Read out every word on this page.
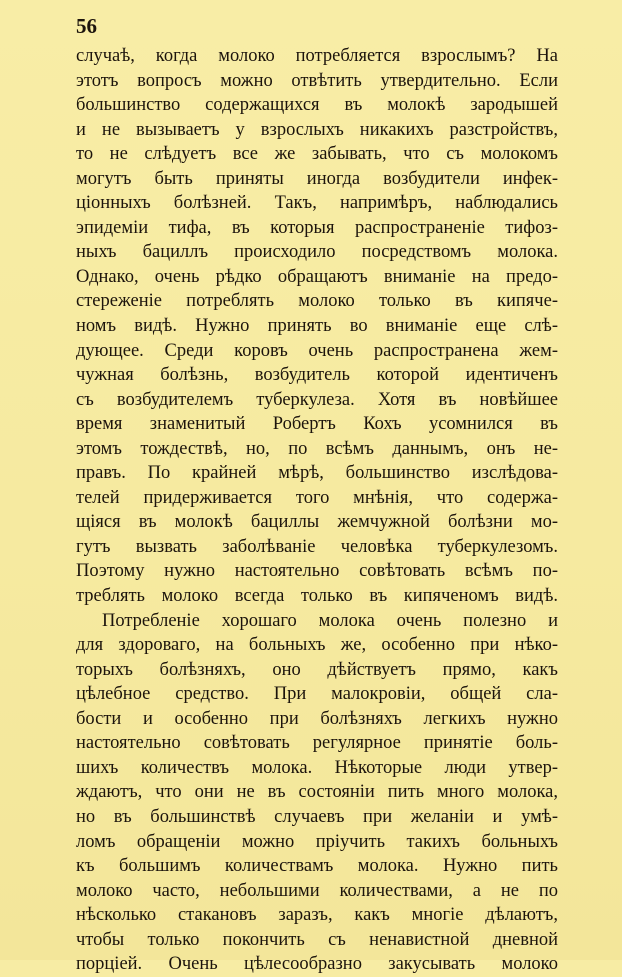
56
случаѣ, когда молоко потребляется взрослымъ? На
этотъ вопросъ можно отвѣтить утвердительно. Если
большинство содержащихся въ молокѣ зародышей
и не вызываетъ у взрослыхъ никакихъ разстройствъ,
то не слѣдуетъ все же забывать, что съ молокомъ
могутъ быть приняты иногда возбудители инфек-
ціонныхъ болѣзней. Такъ, напримѣръ, наблюдались
эпидеміи тифа, въ которыя распространеніе тифоз-
ныхъ бациллъ происходило посредствомъ молока.
Однако, очень рѣдко обращаютъ вниманіе на предо-
стереженіе потреблять молоко только въ кипяче-
номъ видѣ. Нужно принять во вниманіе еще слѣ-
дующее. Среди коровъ очень распространена жем-
чужная болѣзнь, возбудитель которой идентиченъ
съ возбудителемъ туберкулеза. Хотя въ новѣйшее
время знаменитый Робертъ Кохъ усомнился въ
этомъ тождествѣ, но, по всѣмъ даннымъ, онъ не-
правъ. По крайней мѣрѣ, большинство изслѣдова-
телей придерживается того мнѣнія, что содержа-
щіяся въ молокѣ бациллы жемчужной болѣзни мо-
гутъ вызвать заболѣваніе человѣка туберкулезомъ.
Поэтому нужно настоятельно совѣтовать всѣмъ по-
треблять молоко всегда только въ кипяченомъ видѣ.
Потребленіе хорошаго молока очень полезно и
для здороваго, на больныхъ же, особенно при нѣко-
торыхъ болѣзняхъ, оно дѣйствуетъ прямо, какъ
цѣлебное средство. При малокровіи, общей сла-
бости и особенно при болѣзняхъ легкихъ нужно
настоятельно совѣтовать регулярное принятіе боль-
шихъ количествъ молока. Нѣкоторые люди утвер-
ждаютъ, что они не въ состояніи пить много молока,
но въ большинствѣ случаевъ при желаніи и умѣ-
ломъ обращеніи можно пріучить такихъ больныхъ
къ большимъ количествамъ молока. Нужно пить
молоко часто, небольшими количествами, а не по
нѣсколько стакановъ заразъ, какъ многіе дѣлаютъ,
чтобы только покончить съ ненавистной дневной
порціей. Очень цѣлесообразно закусывать молоко
